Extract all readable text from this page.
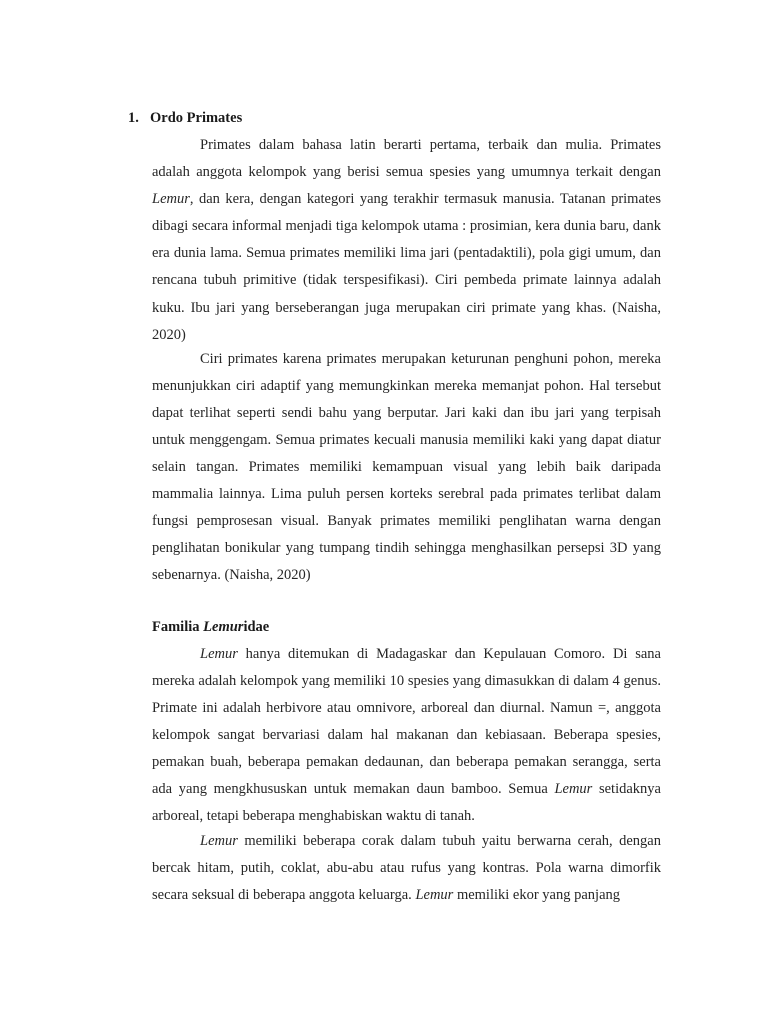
1. Ordo Primates

Primates dalam bahasa latin berarti pertama, terbaik dan mulia. Primates adalah anggota kelompok yang berisi semua spesies yang umumnya terkait dengan Lemur, dan kera, dengan kategori yang terakhir termasuk manusia. Tatanan primates dibagi secara informal menjadi tiga kelompok utama : prosimian, kera dunia baru, dank era dunia lama. Semua primates memiliki lima jari (pentadaktili), pola gigi umum, dan rencana tubuh primitive (tidak terspesifikasi). Ciri pembeda primate lainnya adalah kuku. Ibu jari yang berseberangan juga merupakan ciri primate yang khas. (Naisha, 2020)

Ciri primates karena primates merupakan keturunan penghuni pohon, mereka menunjukkan ciri adaptif yang memungkinkan mereka memanjat pohon. Hal tersebut dapat terlihat seperti sendi bahu yang berputar. Jari kaki dan ibu jari yang terpisah untuk menggengam. Semua primates kecuali manusia memiliki kaki yang dapat diatur selain tangan. Primates memiliki kemampuan visual yang lebih baik daripada mammalia lainnya. Lima puluh persen korteks serebral pada primates terlibat dalam fungsi pemprosesan visual. Banyak primates memiliki penglihatan warna dengan penglihatan bonikular yang tumpang tindih sehingga menghasilkan persepsi 3D yang sebenarnya. (Naisha, 2020)

Familia Lemuridae

Lemur hanya ditemukan di Madagaskar dan Kepulauan Comoro. Di sana mereka adalah kelompok yang memiliki 10 spesies yang dimasukkan di dalam 4 genus. Primate ini adalah herbivore atau omnivore, arboreal dan diurnal. Namun =, anggota kelompok sangat bervariasi dalam hal makanan dan kebiasaan. Beberapa spesies, pemakan buah, beberapa pemakan dedaunan, dan beberapa pemakan serangga, serta ada yang mengkhususkan untuk memakan daun bamboo. Semua Lemur setidaknya arboreal, tetapi beberapa menghabiskan waktu di tanah.

Lemur memiliki beberapa corak dalam tubuh yaitu berwarna cerah, dengan bercak hitam, putih, coklat, abu-abu atau rufus yang kontras. Pola warna dimorfik secara seksual di beberapa anggota keluarga. Lemur memiliki ekor yang panjang
